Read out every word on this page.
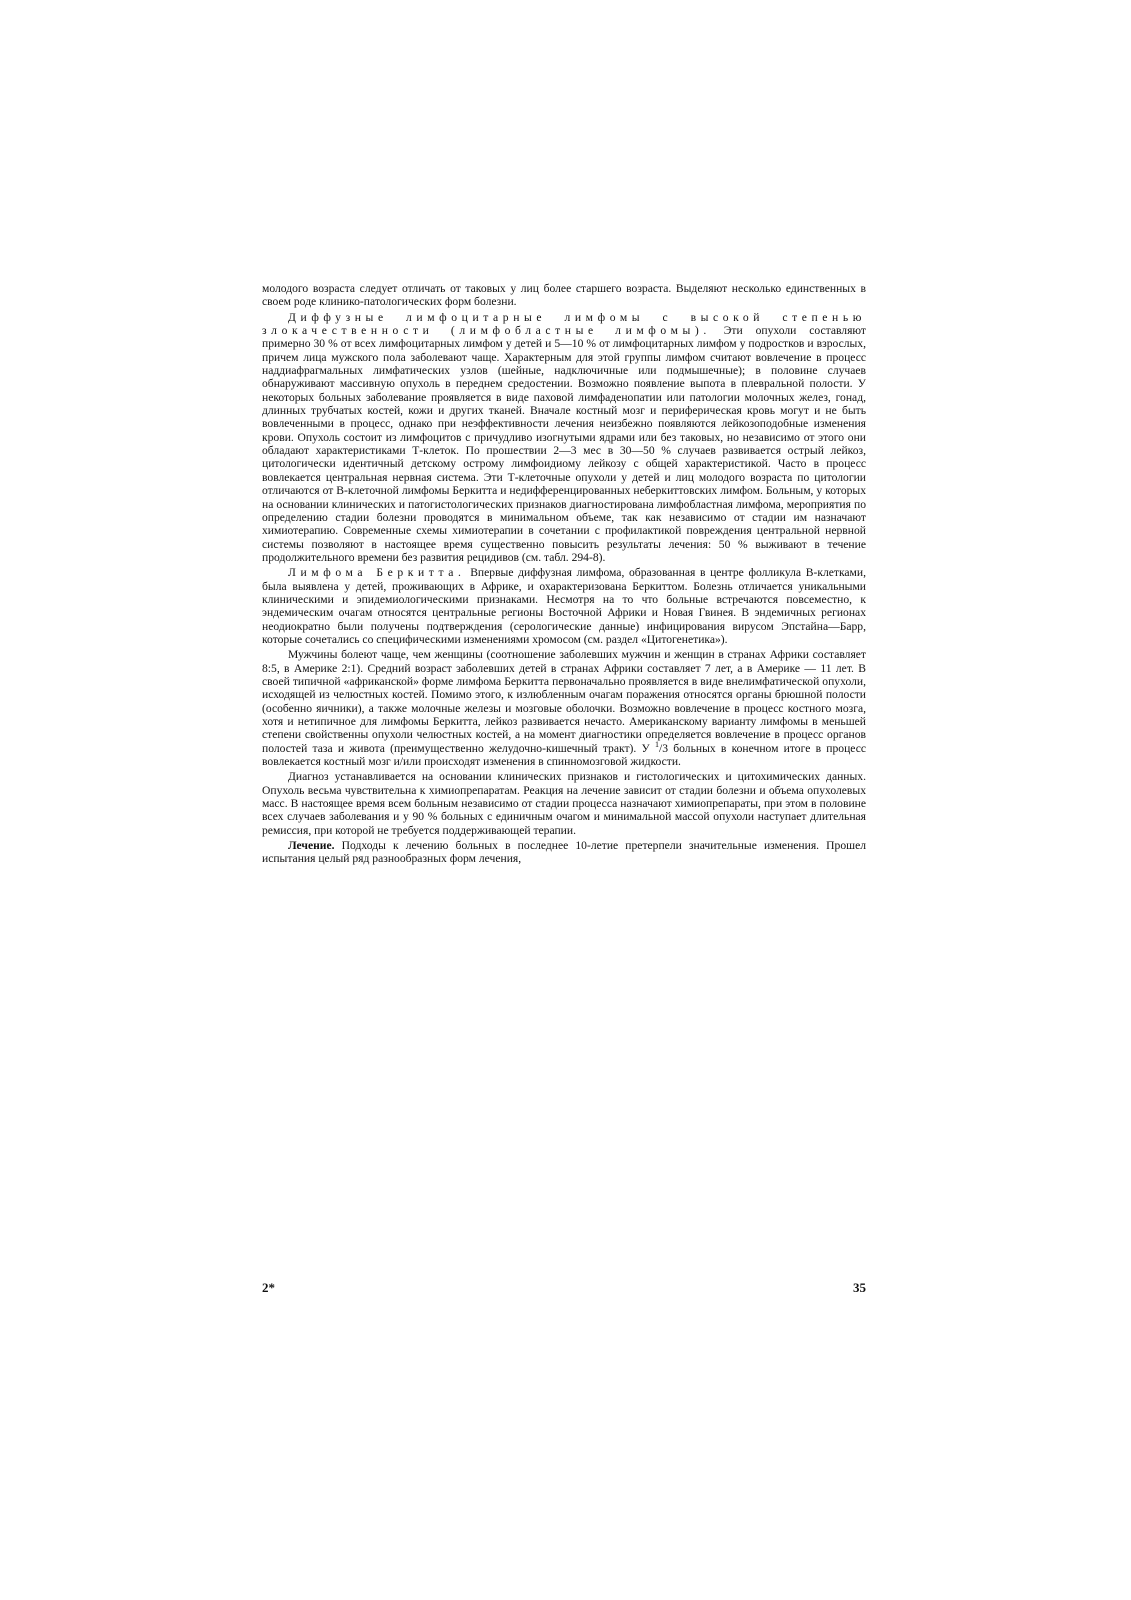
молодого возраста следует отличать от таковых у лиц более старшего возраста. Выделяют несколько единственных в своем роде клинико-патологических форм болезни.

Диффузные лимфоцитарные лимфомы с высокой степенью злокачественности (лимфобластные лимфомы). Эти опухоли составляют примерно 30 % от всех лимфоцитарных лимфом у детей и 5—10 % от лимфоцитарных лимфом у подростков и взрослых, причем лица мужского пола заболевают чаще. Характерным для этой группы лимфом считают вовлечение в процесс наддиафрагмальных лимфатических узлов (шейные, надключичные или подмышечные); в половине случаев обнаруживают массивную опухоль в переднем средостении. Возможно появление выпота в плевральной полости. У некоторых больных заболевание проявляется в виде паховой лимфаденопатии или патологии молочных желез, гонад, длинных трубчатых костей, кожи и других тканей. Вначале костный мозг и периферическая кровь могут и не быть вовлеченными в процесс, однако при неэффективности лечения неизбежно появляются лейкозоподобные изменения крови. Опухоль состоит из лимфоцитов с причудливо изогнутыми ядрами или без таковых, но независимо от этого они обладают характеристиками Т-клеток. По прошествии 2—3 мес в 30—50 % случаев развивается острый лейкоз, цитологически идентичный детскому острому лимфоидиому лейкозу с общей характеристикой. Часто в процесс вовлекается центральная нервная система. Эти Т-клеточные опухоли у детей и лиц молодого возраста по цитологии отличаются от В-клеточной лимфомы Беркитта и недифференцированных неберкиттовских лимфом. Больным, у которых на основании клинических и патогистологических признаков диагностирована лимфобластная лимфома, мероприятия по определению стадии болезни проводятся в минимальном объеме, так как независимо от стадии им назначают химиотерапию. Современные схемы химиотерапии в сочетании с профилактикой повреждения центральной нервной системы позволяют в настоящее время существенно повысить результаты лечения: 50 % выживают в течение продолжительного времени без развития рецидивов (см. табл. 294-8).

Лимфома Беркитта. Впервые диффузная лимфома, образованная в центре фолликула В-клетками, была выявлена у детей, проживающих в Африке, и охарактеризована Беркиттом. Болезнь отличается уникальными клиническими и эпидемиологическими признаками. Несмотря на то что больные встречаются повсеместно, к эндемическим очагам относятся центральные регионы Восточной Африки и Новая Гвинея. В эндемичных регионах неодиократно были получены подтверждения (серологические данные) инфицирования вирусом Эпстайна—Барр, которые сочетались со специфическими изменениями хромосом (см. раздел «Цитогенетика»).

Мужчины болеют чаще, чем женщины (соотношение заболевших мужчин и женщин в странах Африки составляет 8:5, в Америке 2:1). Средний возраст заболевших детей в странах Африки составляет 7 лет, а в Америке — 11 лет. В своей типичной «африканской» форме лимфома Беркитта первоначально проявляется в виде внелимфатической опухоли, исходящей из челюстных костей. Помимо этого, к излюбленным очагам поражения относятся органы брюшной полости (особенно яичники), а также молочные железы и мозговые оболочки. Возможно вовлечение в процесс костного мозга, хотя и нетипичное для лимфомы Беркитта, лейкоз развивается нечасто. Американскому варианту лимфомы в меньшей степени свойственны опухоли челюстных костей, а на момент диагностики определяется вовлечение в процесс органов полостей таза и живота (преимущественно желудочно-кишечный тракт). У $^1$/3 больных в конечном итоге в процесс вовлекается костный мозг и/или происходят изменения в спинномозговой жидкости.

Диагноз устанавливается на основании клинических признаков и гистологических и цитохимических данных. Опухоль весьма чувствительна к химиопрепаратам. Реакция на лечение зависит от стадии болезни и объема опухолевых масс. В настоящее время всем больным независимо от стадии процесса назначают химиопрепараты, при этом в половине всех случаев заболевания и у 90 % больных с единичным очагом и минимальной массой опухоли наступает длительная ремиссия, при которой не требуется поддерживающей терапии.

Лечение. Подходы к лечению больных в последнее 10-летие претерпели значительные изменения. Прошел испытания целый ряд разнообразных форм лечения,

2*	35
